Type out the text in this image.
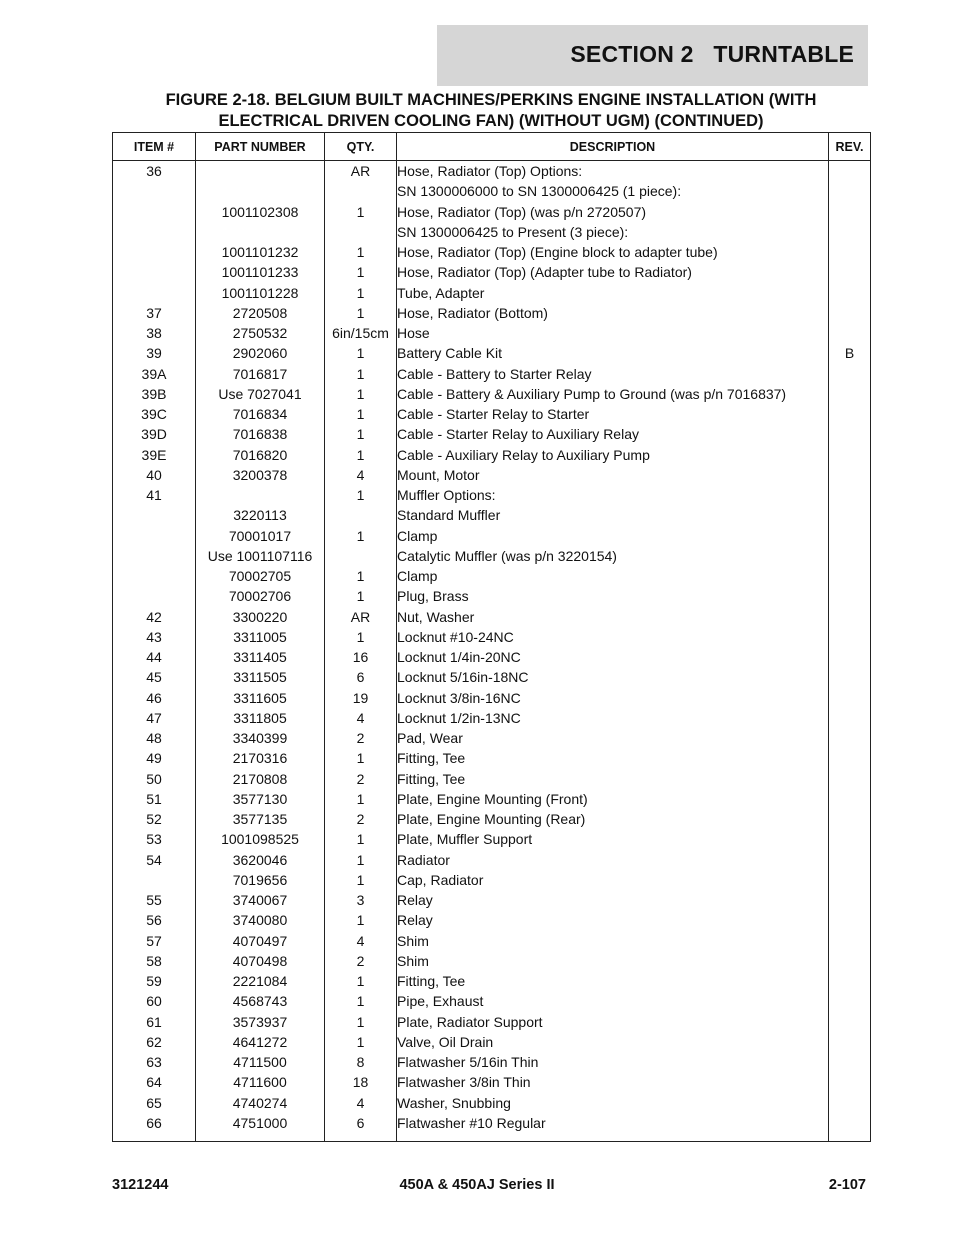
SECTION 2   TURNTABLE
FIGURE 2-18. BELGIUM BUILT MACHINES/PERKINS ENGINE INSTALLATION (WITH
ELECTRICAL DRIVEN COOLING FAN) (WITHOUT UGM) (CONTINUED)
ITEM #	PART NUMBER	QTY.	DESCRIPTION	REV.
36		AR	Hose, Radiator (Top) Options:	
			SN 1300006000 to SN 1300006425 (1 piece):	
	1001102308	1	Hose, Radiator (Top) (was p/n 2720507)	
			SN 1300006425 to Present (3 piece):	
	1001101232	1	Hose, Radiator (Top) (Engine block to adapter tube)	
	1001101233	1	Hose, Radiator (Top) (Adapter tube to Radiator)	
	1001101228	1	Tube, Adapter	
37	2720508	1	Hose, Radiator (Bottom)	
38	2750532	6in/15cm	Hose	
39	2902060	1	Battery Cable Kit	B
39A	7016817	1	Cable - Battery to Starter Relay	
39B	Use 7027041	1	Cable - Battery & Auxiliary Pump to Ground (was p/n 7016837)	
39C	7016834	1	Cable - Starter Relay to Starter	
39D	7016838	1	Cable - Starter Relay to Auxiliary Relay	
39E	7016820	1	Cable - Auxiliary Relay to Auxiliary Pump	
40	3200378	4	Mount, Motor	
41		1	Muffler Options:	
	3220113		Standard Muffler	
	70001017	1	Clamp	
	Use 1001107116		Catalytic Muffler (was p/n 3220154)	
	70002705	1	Clamp	
	70002706	1	Plug, Brass	
42	3300220	AR	Nut, Washer	
43	3311005	1	Locknut #10-24NC	
44	3311405	16	Locknut 1/4in-20NC	
45	3311505	6	Locknut 5/16in-18NC	
46	3311605	19	Locknut 3/8in-16NC	
47	3311805	4	Locknut 1/2in-13NC	
48	3340399	2	Pad, Wear	
49	2170316	1	Fitting, Tee	
50	2170808	2	Fitting, Tee	
51	3577130	1	Plate, Engine Mounting (Front)	
52	3577135	2	Plate, Engine Mounting (Rear)	
53	1001098525	1	Plate, Muffler Support	
54	3620046	1	Radiator	
	7019656	1	Cap, Radiator	
55	3740067	3	Relay	
56	3740080	1	Relay	
57	4070497	4	Shim	
58	4070498	2	Shim	
59	2221084	1	Fitting, Tee	
60	4568743	1	Pipe, Exhaust	
61	3573937	1	Plate, Radiator Support	
62	4641272	1	Valve, Oil Drain	
63	4711500	8	Flatwasher 5/16in Thin	
64	4711600	18	Flatwasher 3/8in Thin	
65	4740274	4	Washer, Snubbing	
66	4751000	6	Flatwasher #10 Regular	

3121244	450A & 450AJ Series II	2-107
